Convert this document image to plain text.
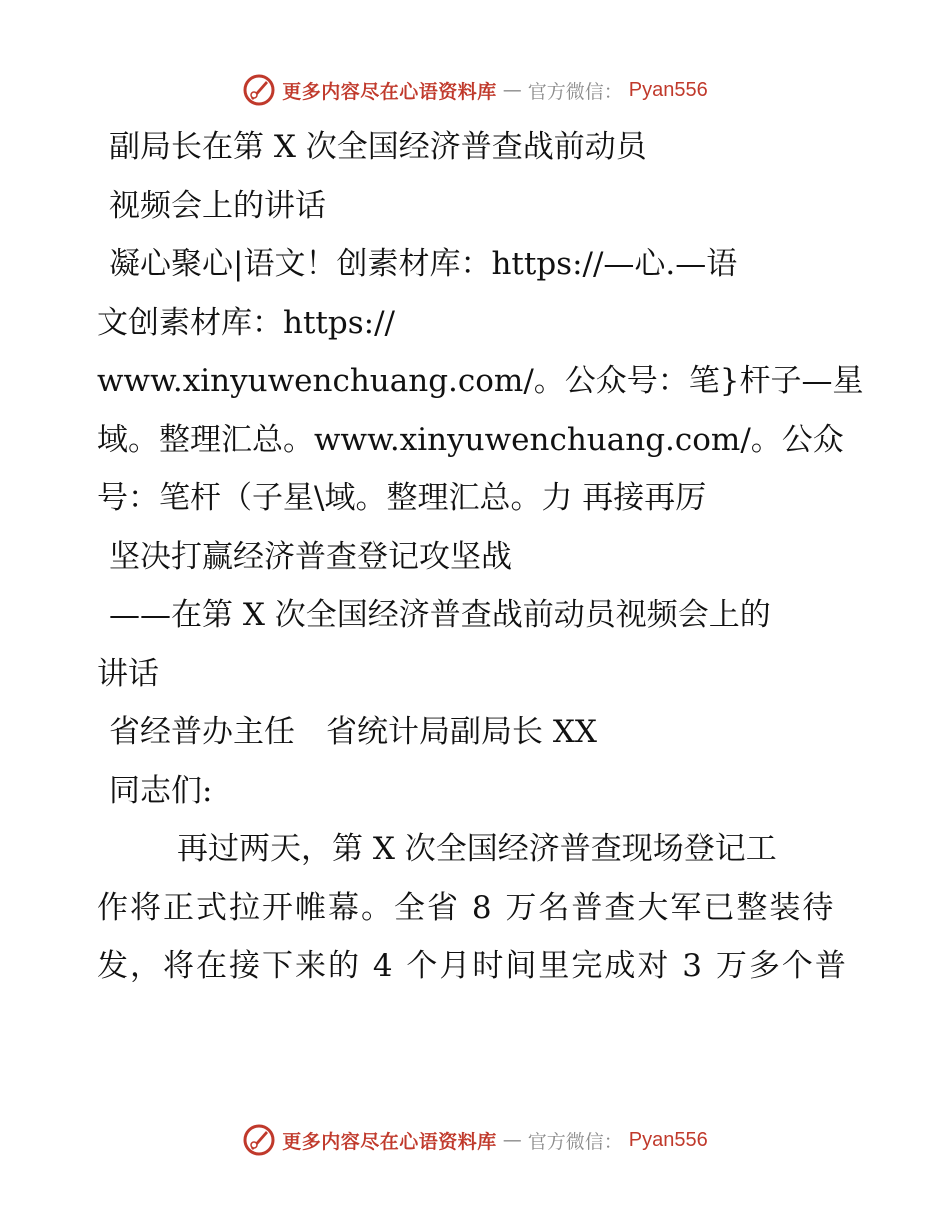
更多内容尽在心语资料库 — 官方微信： Pyan556
副局长在第 X 次全国经济普查战前动员
视频会上的讲话
凝心聚心|语文！创素材库：https://—心.—语
文创素材库：https://
www.xinyuwenchuang.com/。公众号：笔}杆子—星
域。整理汇总。www.xinyuwenchuang.com/。公众
号：笔杆（子星\域。整理汇总。力 再接再厉
坚决打赢经济普查登记攻坚战
——在第 X 次全国经济普查战前动员视频会上的
讲话
省经普办主任　省统计局副局长 XX
同志们:
再过两天，第 X 次全国经济普查现场登记工
作将正式拉开帷幕。全省 8 万名普查大军已整装待
发，将在接下来的 4 个月时间里完成对 3 万多个普
更多内容尽在心语资料库 — 官方微信： Pyan556
